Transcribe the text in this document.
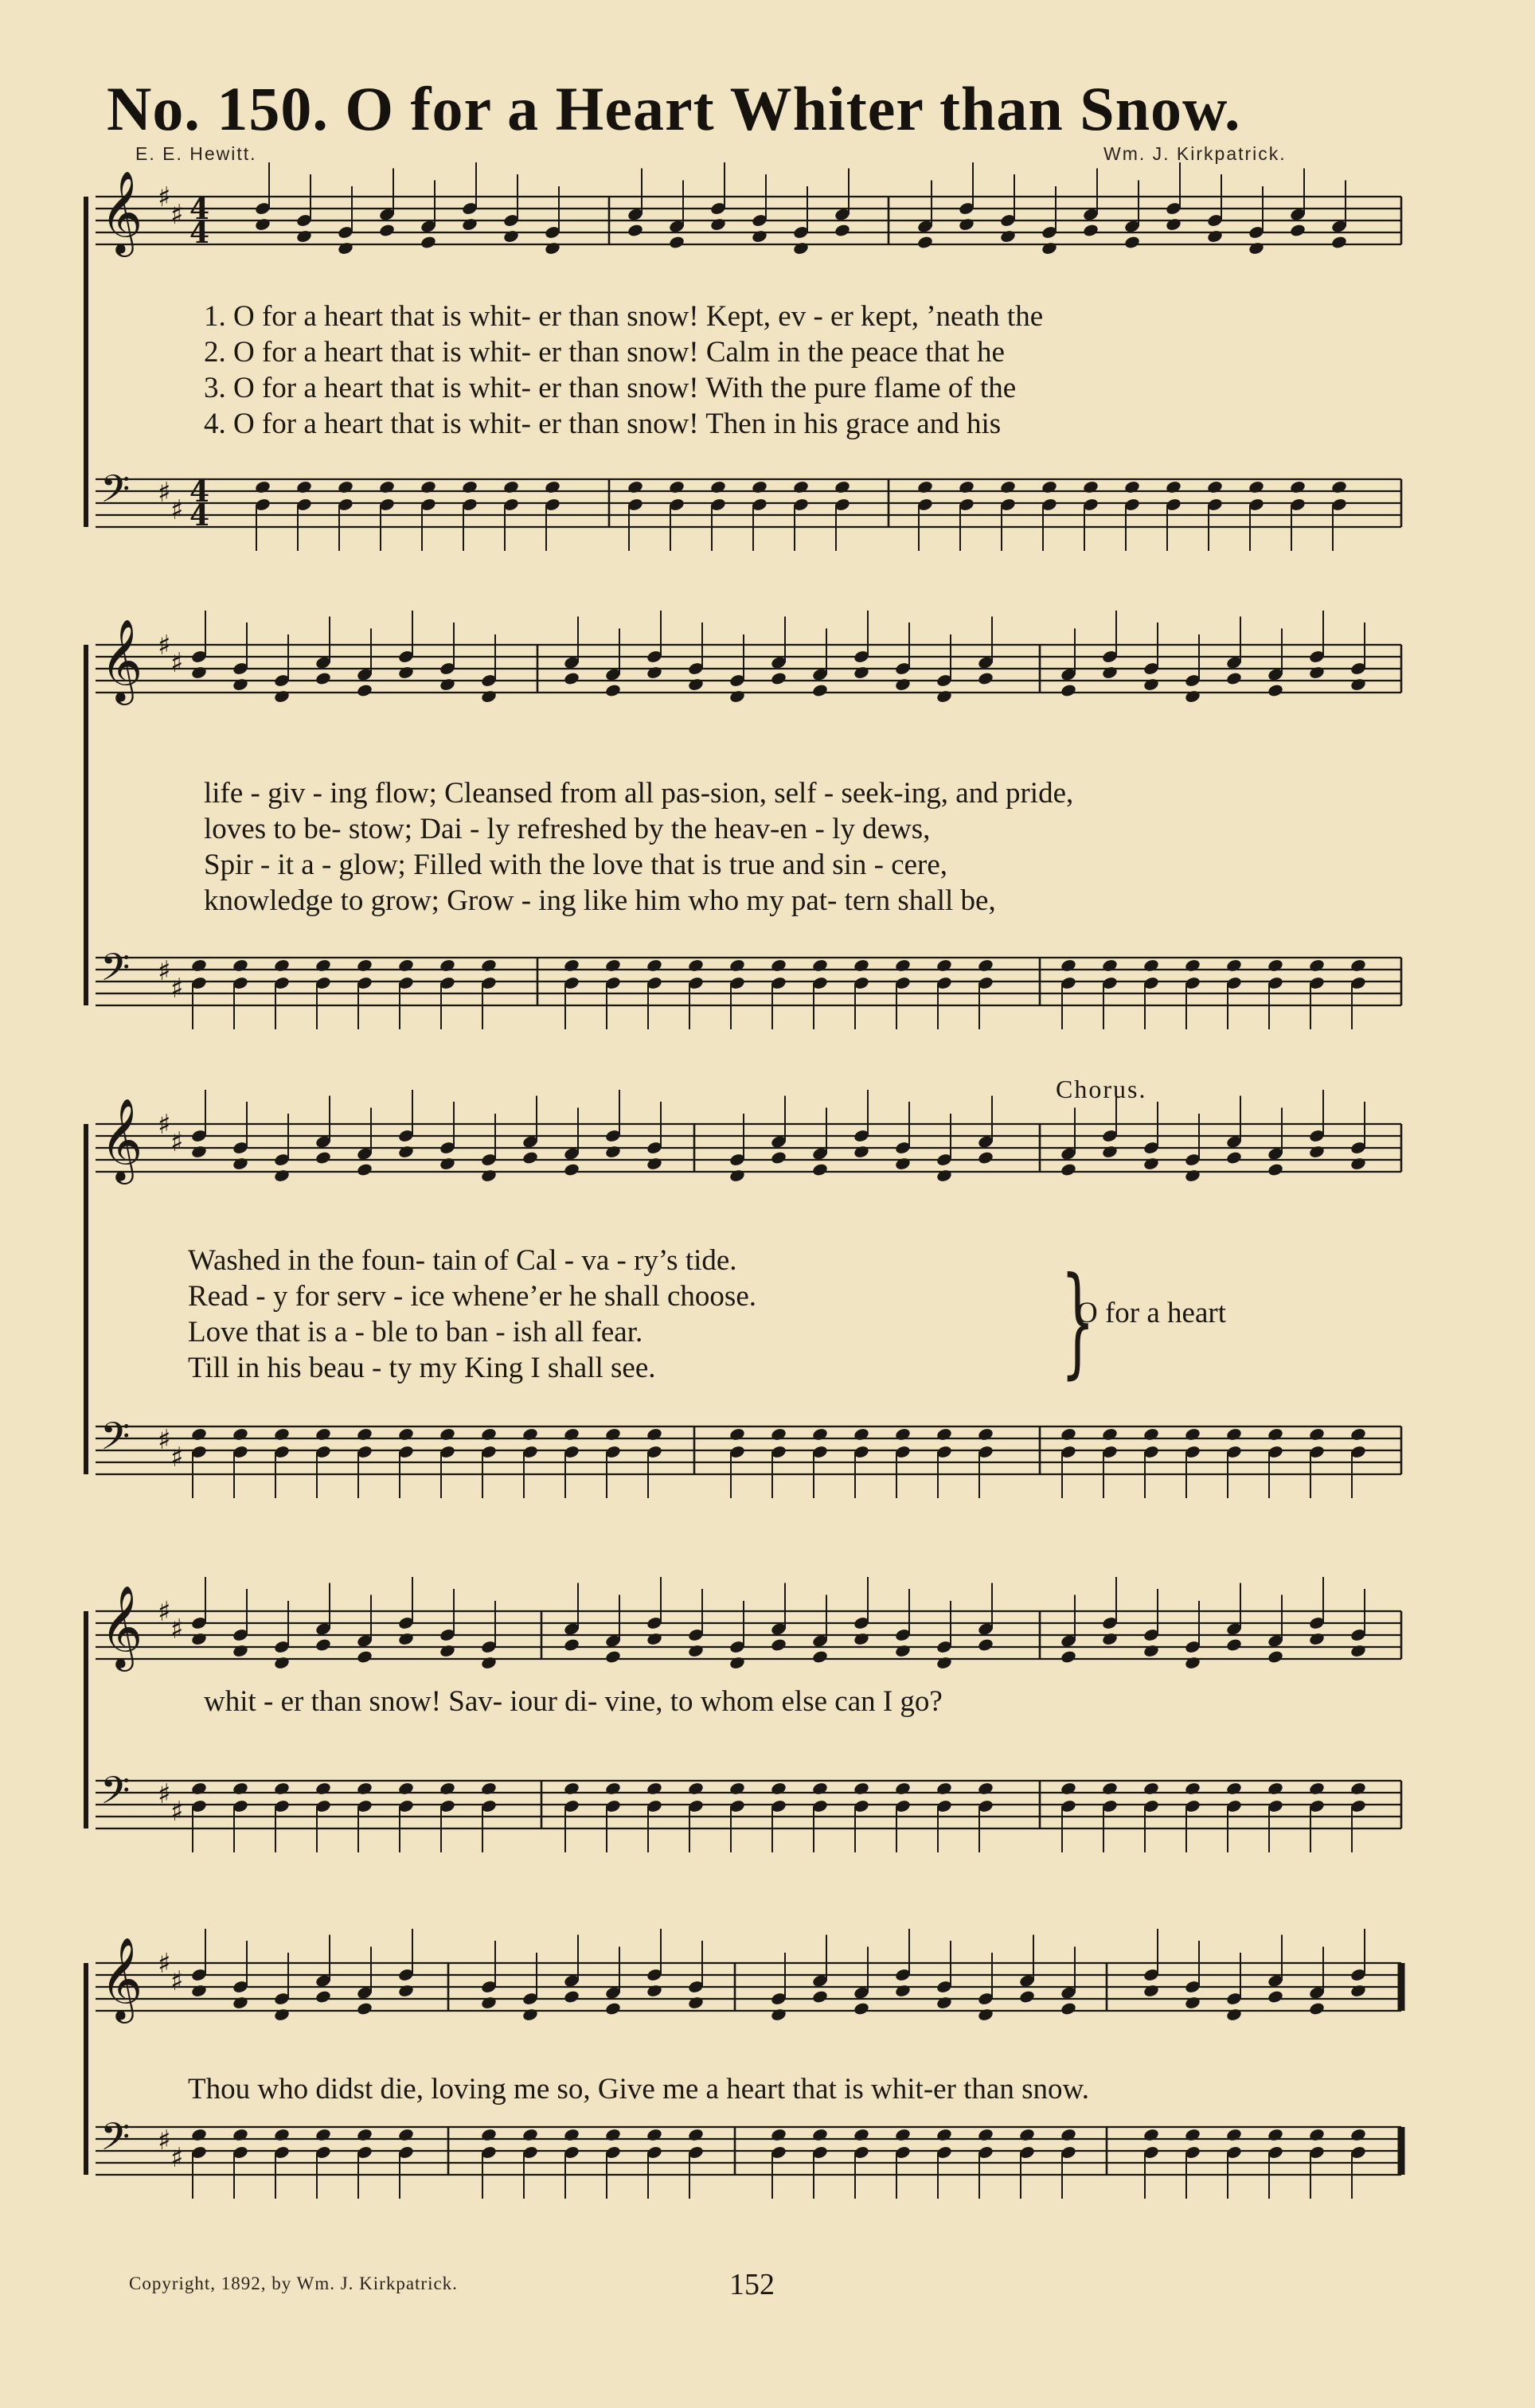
No. 150. O for a Heart Whiter than Snow.
E. E. Hewitt.	Wm. J. Kirkpatrick.
𝄞 ♯
♯ 4
4
𝄢 ♯
♯
4
4
𝄞 ♯
♯
𝄢 ♯
♯
𝄞 ♯
♯
𝄢 ♯
♯
𝄞 ♯
♯
𝄢 ♯
♯
𝄞 ♯
♯
𝄢 ♯
♯
1. O for a heart that is whit- er than snow! Kept, ev - er kept, ’neath the
2. O for a heart that is whit- er than snow! Calm in the peace that he
3. O for a heart that is whit- er than snow! With the pure flame of the
4. O for a heart that is whit- er than snow! Then in his grace and his
life - giv - ing flow; Cleansed from all pas-sion, self - seek-ing, and pride,
loves to be- stow; Dai - ly refreshed by the heav-en - ly dews,
Spir - it a - glow; Filled with the love that is true and sin - cere,
knowledge to grow; Grow - ing like him who my pat- tern shall be,
Chorus.
Washed in the foun- tain of Cal - va - ry’s tide.
Read - y for serv - ice whene’er he shall choose.
Love that is a - ble to ban - ish all fear.
Till in his beau - ty my King I shall see.	}
O for a heart
whit - er than snow! Sav- iour di- vine, to whom else can I go?
Thou who didst die, loving me so, Give me a heart that is whit-er than snow.
Copyright, 1892, by Wm. J. Kirkpatrick.	152
